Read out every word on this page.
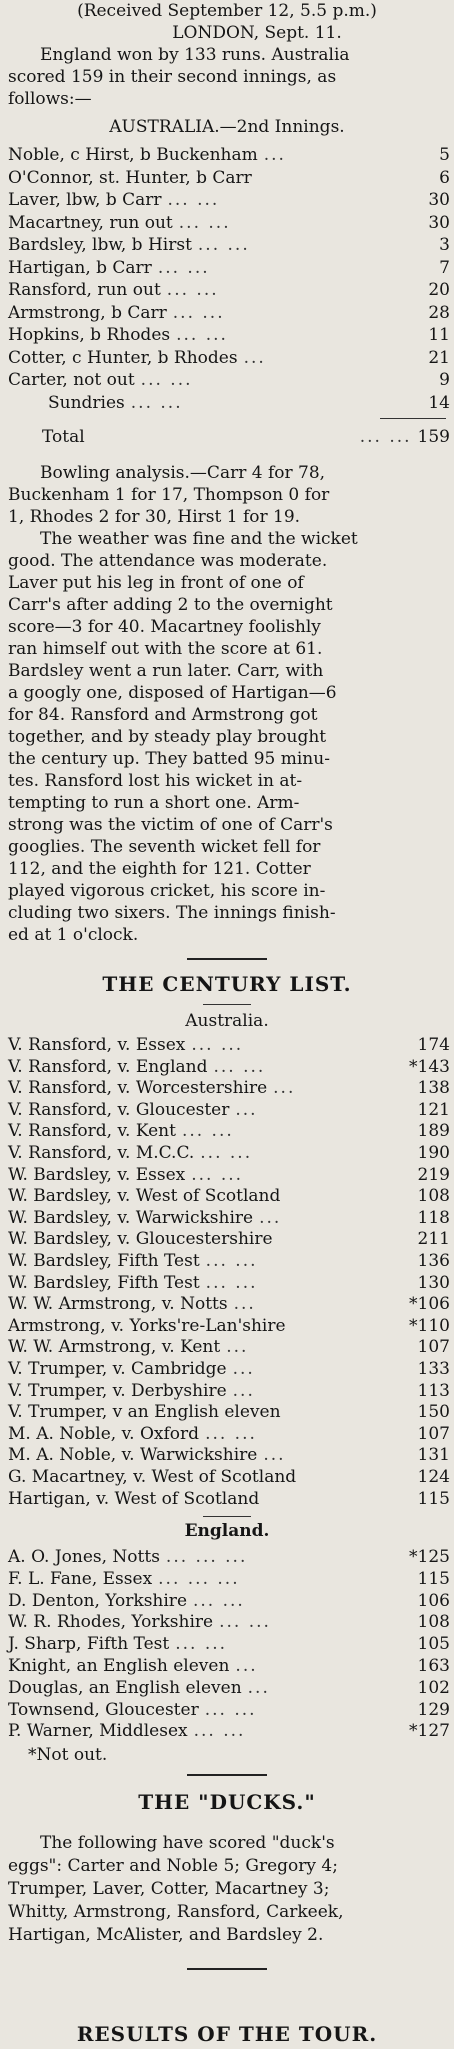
(Received September 12, 5.5 p.m.)
LONDON, Sept. 11.
England won by 133 runs. Australia
scored 159 in their second innings, as
follows:—
AUSTRALIA.—2nd Innings.
Noble, c Hirst, b Buckenham ...	5
O'Connor, st. Hunter, b Carr	6
Laver, lbw, b Carr ... ...	30
Macartney, run out ... ...	30
Bardsley, lbw, b Hirst ... ...	3
Hartigan, b Carr ... ...	7
Ransford, run out ... ...	20
Armstrong, b Carr ... ...	28
Hopkins, b Rhodes ... ...	11
Cotter, c Hunter, b Rhodes ...	21
Carter, not out ... ...	9
Sundries ... ...	14
Total	... ... 159
Bowling analysis.—Carr 4 for 78,
Buckenham 1 for 17, Thompson 0 for
1, Rhodes 2 for 30, Hirst 1 for 19.
The weather was fine and the wicket
good. The attendance was moderate.
Laver put his leg in front of one of
Carr's after adding 2 to the overnight
score—3 for 40. Macartney foolishly
ran himself out with the score at 61.
Bardsley went a run later. Carr, with
a googly one, disposed of Hartigan—6
for 84. Ransford and Armstrong got
together, and by steady play brought
the century up. They batted 95 minu-
tes. Ransford lost his wicket in at-
tempting to run a short one. Arm-
strong was the victim of one of Carr's
googlies. The seventh wicket fell for
112, and the eighth for 121. Cotter
played vigorous cricket, his score in-
cluding two sixers. The innings finish-
ed at 1 o'clock.
THE CENTURY LIST.
Australia.
V. Ransford, v. Essex ... ...	174
V. Ransford, v. England ... ...	*143
V. Ransford, v. Worcestershire ...	138
V. Ransford, v. Gloucester ...	121
V. Ransford, v. Kent ... ...	189
V. Ransford, v. M.C.C. ... ...	190
W. Bardsley, v. Essex ... ...	219
W. Bardsley, v. West of Scotland	108
W. Bardsley, v. Warwickshire ...	118
W. Bardsley, v. Gloucestershire	211
W. Bardsley, Fifth Test ... ...	136
W. Bardsley, Fifth Test ... ...	130
W. W. Armstrong, v. Notts ...	*106
Armstrong, v. Yorks're-Lan'shire	*110
W. W. Armstrong, v. Kent ...	107
V. Trumper, v. Cambridge ...	133
V. Trumper, v. Derbyshire ...	113
V. Trumper, v an English eleven	150
M. A. Noble, v. Oxford ... ...	107
M. A. Noble, v. Warwickshire ...	131
G. Macartney, v. West of Scotland	124
Hartigan, v. West of Scotland	115
England.
A. O. Jones, Notts ... ... ...	*125
F. L. Fane, Essex ... ... ...	115
D. Denton, Yorkshire ... ...	106
W. R. Rhodes, Yorkshire ... ...	108
J. Sharp, Fifth Test ... ...	105
Knight, an English eleven ...	163
Douglas, an English eleven ...	102
Townsend, Gloucester ... ...	129
P. Warner, Middlesex ... ...	*127
*Not out.
THE "DUCKS."
The following have scored "duck's
eggs": Carter and Noble 5; Gregory 4;
Trumper, Laver, Cotter, Macartney 3;
Whitty, Armstrong, Ransford, Carkeek,
Hartigan, McAlister, and Bardsley 2.
RESULTS OF THE TOUR.
